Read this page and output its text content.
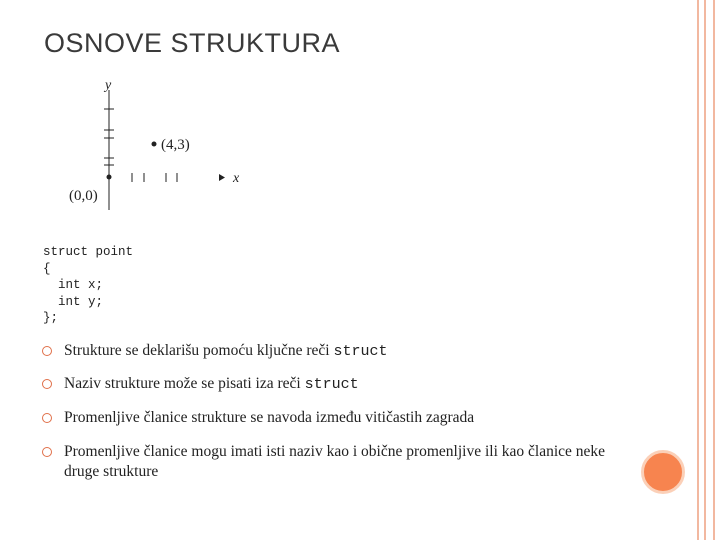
OSNOVE STRUKTURA
y
x
(4,3)
(0,0)
struct point
{
int x;
int y;
};
Strukture se deklarišu pomoću ključne reči struct
Naziv strukture može se pisati iza reči struct
Promenljive članice strukture se navoda između vitičastih zagrada
Promenljive članice mogu imati isti naziv kao i obične promenljive ili kao članice neke druge strukture
